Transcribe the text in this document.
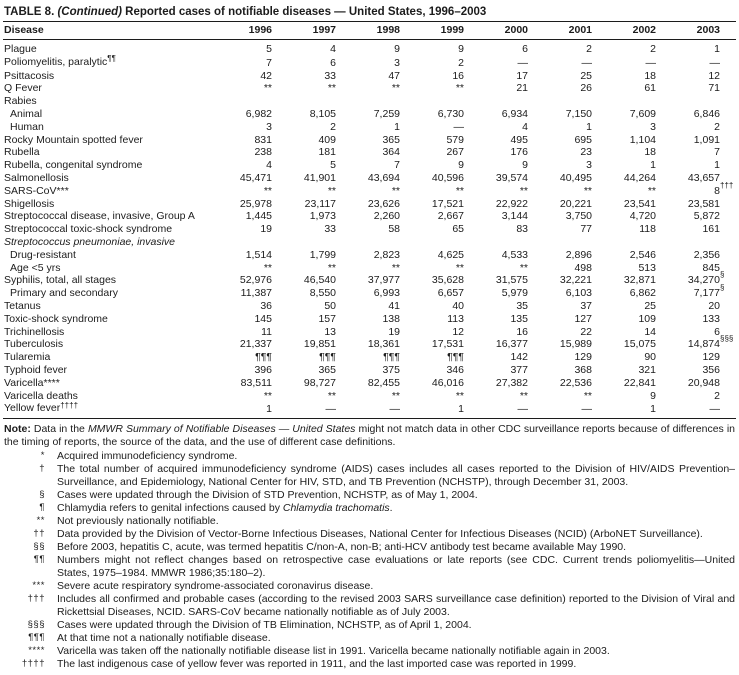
TABLE 8. (Continued) Reported cases of notifiable diseases — United States, 1996–2003
Disease	1996	1997	1998	1999	2000	2001	2002	2003
Plague	5	4	9	9	6	2	2	1
Poliomyelitis, paralytic¶¶	7	6	3	2	—	—	—	—
Psittacosis	42	33	47	16	17	25	18	12
Q Fever	**	**	**	**	21	26	61	71
Rabies								
Animal	6,982	8,105	7,259	6,730	6,934	7,150	7,609	6,846
Human	3	2	1	—	4	1	3	2
Rocky Mountain spotted fever	831	409	365	579	495	695	1,104	1,091
Rubella	238	181	364	267	176	23	18	7
Rubella, congenital syndrome	4	5	7	9	9	3	1	1
Salmonellosis	45,471	41,901	43,694	40,596	39,574	40,495	44,264	43,657
SARS-CoV***	**	**	**	**	**	**	**	8 †††

Shigellosis	25,978	23,117	23,626	17,521	22,922	20,221	23,541	23,581
Streptococcal disease, invasive, Group A	1,445	1,973	2,260	2,667	3,144	3,750	4,720	5,872
Streptococcal toxic-shock syndrome	19	33	58	65	83	77	118	161
Streptococcus pneumoniae, invasive								
Drug-resistant	1,514	1,799	2,823	4,625	4,533	2,896	2,546	2,356
Age <5 yrs	**	**	**	**	**	498	513	845
Syphilis, total, all stages	52,976	46,540	37,977	35,628	31,575	32,221	32,871	34,270 §

Primary and secondary	11,387	8,550	6,993	6,657	5,979	6,103	6,862	7,177 §

Tetanus	36	50	41	40	35	37	25	20
Toxic-shock syndrome	145	157	138	113	135	127	109	133
Trichinellosis	11	13	19	12	16	22	14	6
Tuberculosis	21,337	19,851	18,361	17,531	16,377	15,989	15,075	14,874 §§§

Tularemia	¶¶¶	¶¶¶	¶¶¶	¶¶¶	142	129	90	129
Typhoid fever	396	365	375	346	377	368	321	356
Varicella****	83,511	98,727	82,455	46,016	27,382	22,536	22,841	20,948
Varicella deaths	**	**	**	**	**	**	9	2
Yellow fever††††	1	—	—	1	—	—	1	—
Note: Data in the MMWR Summary of Notifiable Diseases — United States might not match data in other CDC surveillance reports because of differences in the timing of reports, the source of the data, and the use of different case definitions.
*	Acquired immunodeficiency syndrome.
†	The total number of acquired immunodeficiency syndrome (AIDS) cases includes all cases reported to the Division of HIV/AIDS Prevention–Surveillance, and Epidemiology, National Center for HIV, STD, and TB Prevention (NCHSTP), through December 31, 2003.
§	Cases were updated through the Division of STD Prevention, NCHSTP, as of May 1, 2004.
¶	Chlamydia refers to genital infections caused by Chlamydia trachomatis.
**	Not previously nationally notifiable.
††	Data provided by the Division of Vector-Borne Infectious Diseases, National Center for Infectious Diseases (NCID) (ArboNET Surveillance).
§§	Before 2003, hepatitis C, acute, was termed hepatitis C/non-A, non-B; anti-HCV antibody test became available May 1990.
¶¶	Numbers might not reflect changes based on retrospective case evaluations or late reports (see CDC. Current trends poliomyelitis—United States, 1975–1984. MMWR 1986;35:180–2).
***	Severe acute respiratory syndrome-associated coronavirus disease.
†††	Includes all confirmed and probable cases (according to the revised 2003 SARS surveillance case definition) reported to the Division of Viral and Rickettsial Diseases, NCID. SARS-CoV became nationally notifiable as of July 2003.
§§§	Cases were updated through the Division of TB Elimination, NCHSTP, as of April 1, 2004.
¶¶¶	At that time not a nationally notifiable disease.
****	Varicella was taken off the nationally notifiable disease list in 1991. Varicella became nationally notifiable again in 2003.
††††	The last indigenous case of yellow fever was reported in 1911, and the last imported case was reported in 1999.
